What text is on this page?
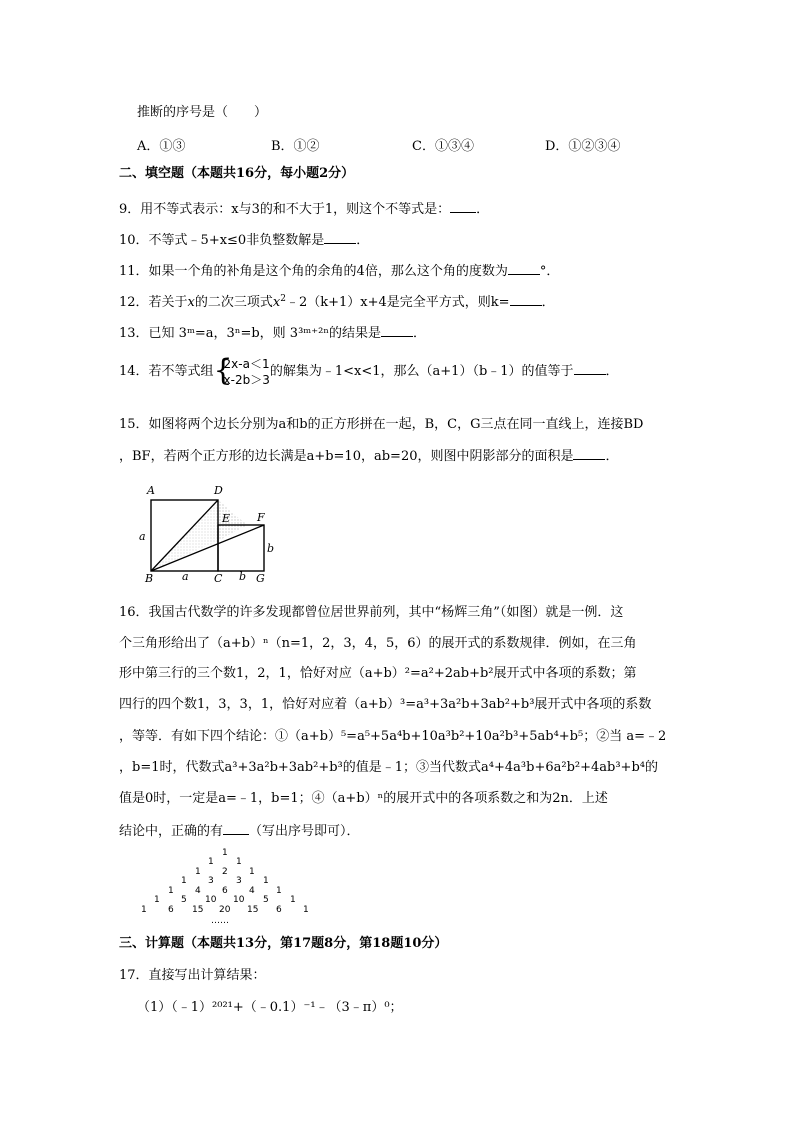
推断的序号是（　　）
A．①③	B．①②	C．①③④	D．①②③④
二、填空题（本题共16分，每小题2分）
9．用不等式表示：x与3的和不大于1，则这个不等式是： ．
10．不等式﹣5+x≤0非负整数解是 ．
11．如果一个角的补角是这个角的余角的4倍，那么这个角的度数为 °．
12．若关于x的二次三项式$x^2﹣2(k+1)x+4$是完全平方式，则k= ．
13．已知 3ᵐ=a，3ⁿ=b，则 3³ᵐ⁺²ⁿ的结果是 ．
14．若不等式组{2x-a＜1
x-2b＞3的解集为﹣1<x<1，那么（a+1）（b﹣1）的值等于 ．
15．如图将两个边长分别为a和b的正方形拼在一起，B，C，G三点在同一直线上，连接BD
，BF，若两个正方形的边长满是a+b=10，ab=20，则图中阴影部分的面积是 ．
A	D
E F
B	C	G
a
a	b
b
16．我国古代数学的许多发现都曾位居世界前列，其中“杨辉三角”（如图）就是一例．这
个三角形给出了（a+b）ⁿ（n=1，2，3，4，5，6）的展开式的系数规律．例如，在三角
形中第三行的三个数1，2，1，恰好对应（a+b）²=a²+2ab+b²展开式中各项的系数；第
四行的四个数1，3，3，1，恰好对应着（a+b）³=a³+3a²b+3ab²+b³展开式中各项的系数
，等等．有如下四个结论：①（a+b）⁵=a⁵+5a⁴b+10a³b²+10a²b³+5ab⁴+b⁵；②当 a=﹣2
，b=1时，代数式a³+3a²b+3ab²+b³的值是﹣1；③当代数式a⁴+4a³b+6a²b²+4ab³+b⁴的
值是0时，一定是a=﹣1，b=1；④（a+b）ⁿ的展开式中的各项系数之和为2n．上述
结论中，正确的有 （写出序号即可）．
1
1 1
1 2 1
1 3 3 1
1 4 6 4 1
1 5 10 10 5 1
1 6 15 20 15 6 1
……
三、计算题（本题共13分，第17题8分，第18题10分）
17．直接写出计算结果：
（1）（﹣1）²⁰²¹+（﹣0.1）⁻¹﹣（3﹣π）⁰；
